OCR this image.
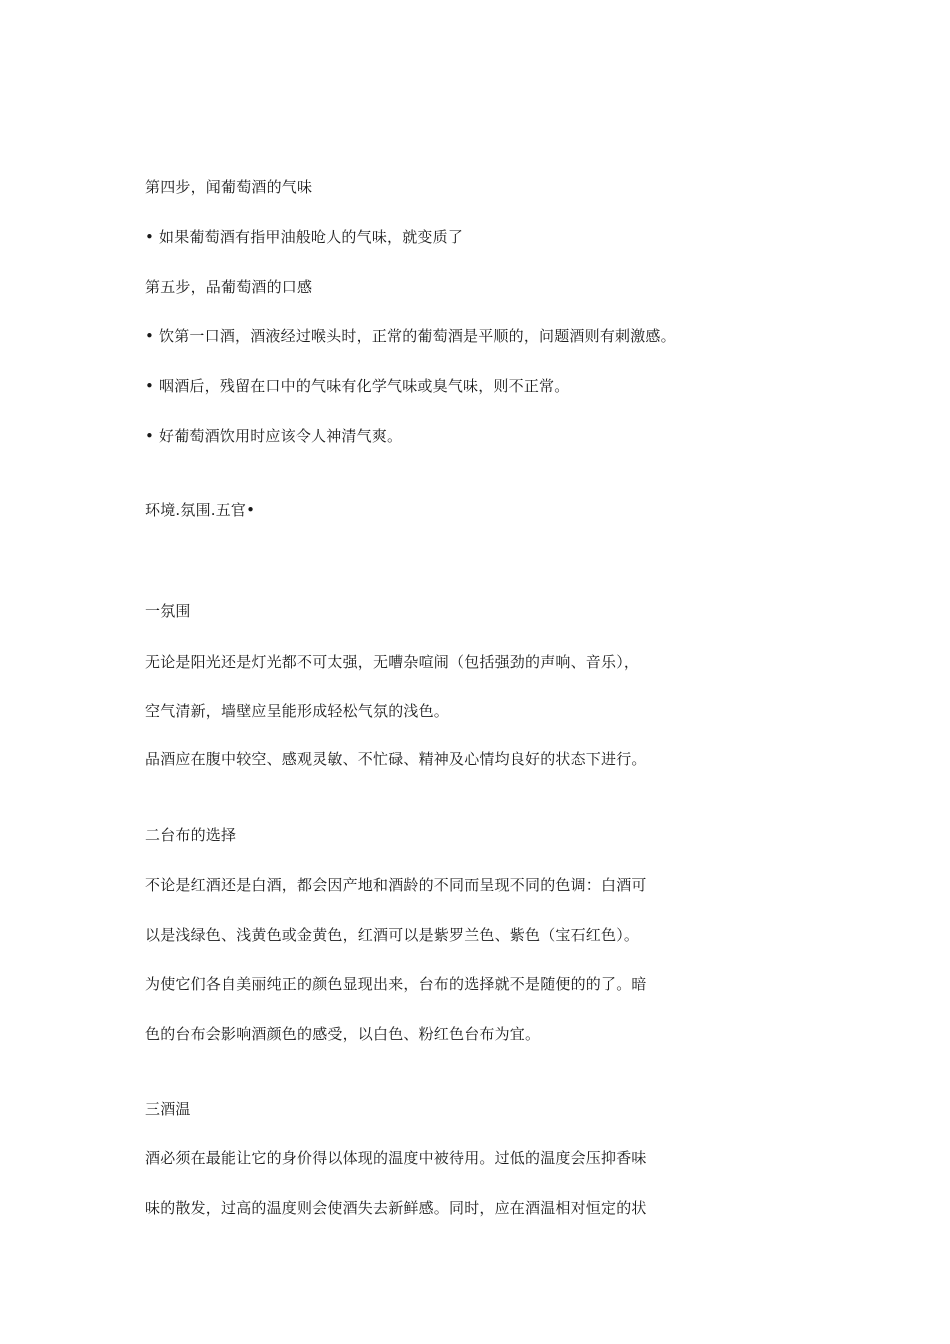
第四步，闻葡萄酒的气味
• 如果葡萄酒有指甲油般呛人的气味，就变质了
第五步，品葡萄酒的口感
• 饮第一口酒，酒液经过喉头时，正常的葡萄酒是平顺的，问题酒则有刺激感。
• 咽酒后，残留在口中的气味有化学气味或臭气味，则不正常。
• 好葡萄酒饮用时应该令人神清气爽。
环境.氛围.五官•
一氛围
无论是阳光还是灯光都不可太强，无嘈杂喧闹（包括强劲的声响、音乐），
空气清新，墙壁应呈能形成轻松气氛的浅色。
品酒应在腹中较空、感观灵敏、不忙碌、精神及心情均良好的状态下进行。
二台布的选择
不论是红酒还是白酒，都会因产地和酒龄的不同而呈现不同的色调：白酒可
以是浅绿色、浅黄色或金黄色，红酒可以是紫罗兰色、紫色（宝石红色）。
为使它们各自美丽纯正的颜色显现出来，台布的选择就不是随便的的了。暗
色的台布会影响酒颜色的感受，以白色、粉红色台布为宜。
三酒温
酒必须在最能让它的身价得以体现的温度中被待用。过低的温度会压抑香味
味的散发，过高的温度则会使酒失去新鲜感。同时，应在酒温相对恒定的状
